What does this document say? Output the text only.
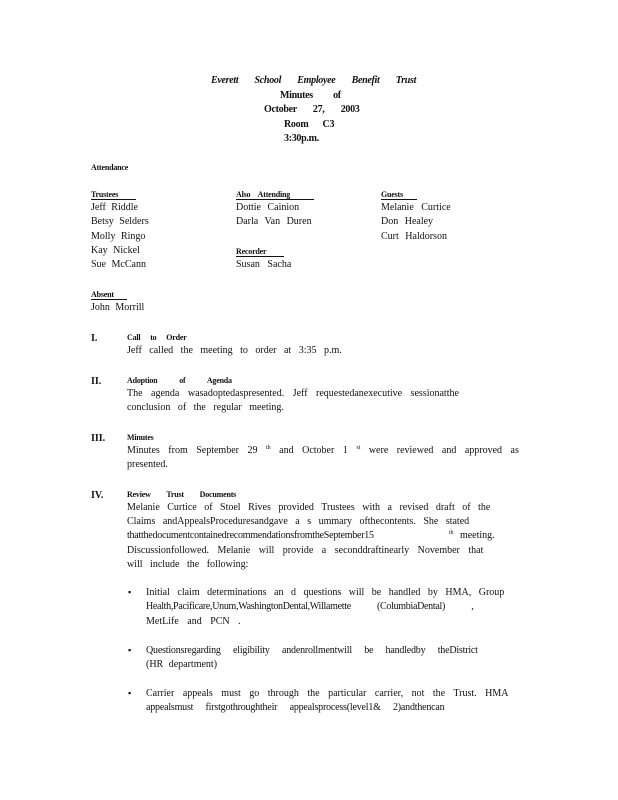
Everett School Employee Benefit Trust
Minutes of
October 27, 2003
Room C3
3:30p.m.
Attendance
Trustees
Jeff Riddle
Betsy Selders
Molly Ringo
Kay Nickel
Sue McCann
Also Attending
Dottie Cainion
Darla Van Duren
Recorder
Susan Sacha
Guests
Melanie Curtice
Don Healey
Curt Haldorson
Absent
John Morrill
I.	Call to Order
Jeff called the meeting to order at 3:35 p.m.
II.	Adoption of Agenda
The agenda wasadoptedaspresented. Jeff requestedanexecutive sessionatthe
conclusion of the regular meeting.
III.	Minutes
Minutes from September 29 $^{th}$ and October 1 $^{st}$ were reviewed and approved as
presented.
IV.	Review Trust Documents
Melanie Curtice of Stoel Rives provided Trustees with a revised draft of the
Claims andAppealsProceduresandgave a s ummary ofthecontents. She stated
thatthedocumentcontainedrecommendationsfromtheSeptember15	$^{th}$ meeting.
Discussionfollowed. Melanie will provide a seconddraftinearly November that
will include the following:
▪ Initial claim determinations an d questions will be handled by HMA, Group
Health,Pacificare,Unum,WashingtonDental,Willamette (ColumbiaDental) ,
MetLife and PCN .
▪ Questionsregarding eligibility andenrollmentwill be handledby theDistrict
(HR department)
▪ Carrier appeals must go through the particular carrier, not the Trust. HMA
appealsmust firstgothroughtheir appealsprocess(level1& 2)andthencan
